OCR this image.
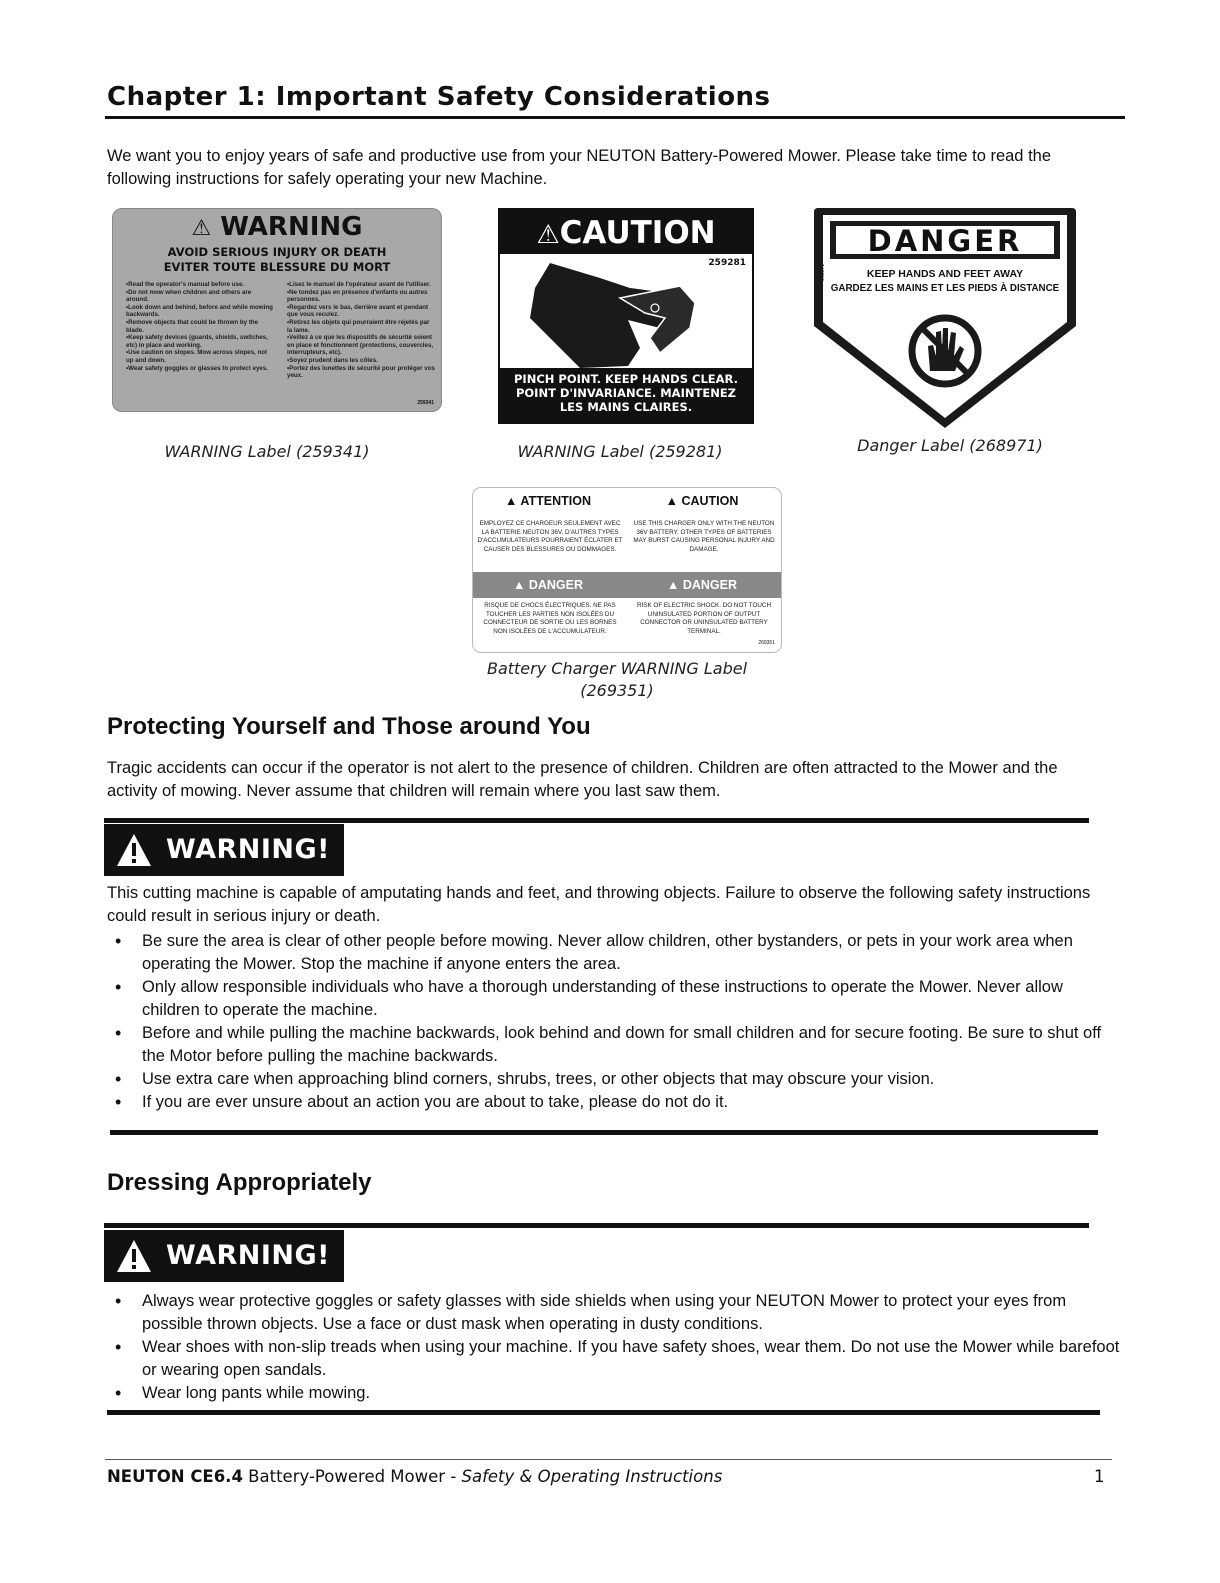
Chapter 1: Important Safety Considerations
We want you to enjoy years of safe and productive use from your NEUTON Battery-Powered Mower. Please take time to read the following instructions for safely operating your new Machine.
⚠ WARNING
AVOID SERIOUS INJURY OR DEATH
EVITER TOUTE BLESSURE DU MORT
• Read the operator's manual before use.
• Do not mow when children and others are around.
• Look down and behind, before and while mowing backwards.
• Remove objects that could be thrown by the blade.
• Keep safety devices (guards, shields, switches, etc) in place and working.
• Use caution on slopes. Mow across slopes, not up and down.
• Wear safety goggles or glasses to protect eyes.
• Lisez le manuel de l'opérateur avant de l'utiliser.
• Ne tondez pas en présence d'enfants ou autres personnes.
• Regardez vers le bas, derrière avant et pendant que vous reculez.
• Retirez les objets qui pourraient être rejetés par la lame.
• Veillez à ce que les dispositifs de sécurité soient en place et fonctionnent (protections, couvercles, interrupteurs, etc).
• Soyez prudent dans les côtes.
• Portez des lunettes de sécurité pour protéger vos yeux.
259341
WARNING Label (259341)
⚠CAUTION
259281
PINCH POINT. KEEP HANDS CLEAR.
POINT D'INVARIANCE. MAINTENEZ
LES MAINS CLAIRES.
WARNING Label (259281)
DANGER
KEEP HANDS AND FEET AWAY
GARDEZ LES MAINS ET LES PIEDS À DISTANCE
268971
Danger Label (268971)
▲ ATTENTION	▲ CAUTION
EMPLOYEZ CE CHARGEUR SEULEMENT AVEC LA BATTERIE NEUTON 36V. D'AUTRES TYPES D'ACCUMULATEURS POURRAIENT ÉCLATER ET CAUSER DES BLESSURES OU DOMMAGES.
USE THIS CHARGER ONLY WITH THE NEUTON 36V BATTERY. OTHER TYPES OF BATTERIES MAY BURST CAUSING PERSONAL INJURY AND DAMAGE.
▲ DANGER	▲ DANGER
RISQUE DE CHOCS ÉLECTRIQUES. NE PAS TOUCHER LES PARTIES NON ISOLÉES DU CONNECTEUR DE SORTIE OU LES BORNES NON ISOLÉES DE L'ACCUMULATEUR.
RISK OF ELECTRIC SHOCK. DO NOT TOUCH UNINSULATED PORTION OF OUTPUT CONNECTOR OR UNINSULATED BATTERY TERMINAL.
269351
Battery Charger WARNING Label
(269351)
Protecting Yourself and Those around You
Tragic accidents can occur if the operator is not alert to the presence of children. Children are often attracted to the Mower and the activity of mowing. Never assume that children will remain where you last saw them.
WARNING!
This cutting machine is capable of amputating hands and feet, and throwing objects. Failure to observe the following safety instructions could result in serious injury or death.
• Be sure the area is clear of other people before mowing. Never allow children, other bystanders, or pets in your work area when operating the Mower. Stop the machine if anyone enters the area.
• Only allow responsible individuals who have a thorough understanding of these instructions to operate the Mower. Never allow children to operate the machine.
• Before and while pulling the machine backwards, look behind and down for small children and for secure footing. Be sure to shut off the Motor before pulling the machine backwards.
• Use extra care when approaching blind corners, shrubs, trees, or other objects that may obscure your vision.
• If you are ever unsure about an action you are about to take, please do not do it.
Dressing Appropriately
WARNING!
• Always wear protective goggles or safety glasses with side shields when using your NEUTON Mower to protect your eyes from possible thrown objects. Use a face or dust mask when operating in dusty conditions.
• Wear shoes with non-slip treads when using your machine. If you have safety shoes, wear them. Do not use the Mower while barefoot or wearing open sandals.
• Wear long pants while mowing.
NEUTON CE6.4 Battery-Powered Mower - Safety & Operating Instructions	1
